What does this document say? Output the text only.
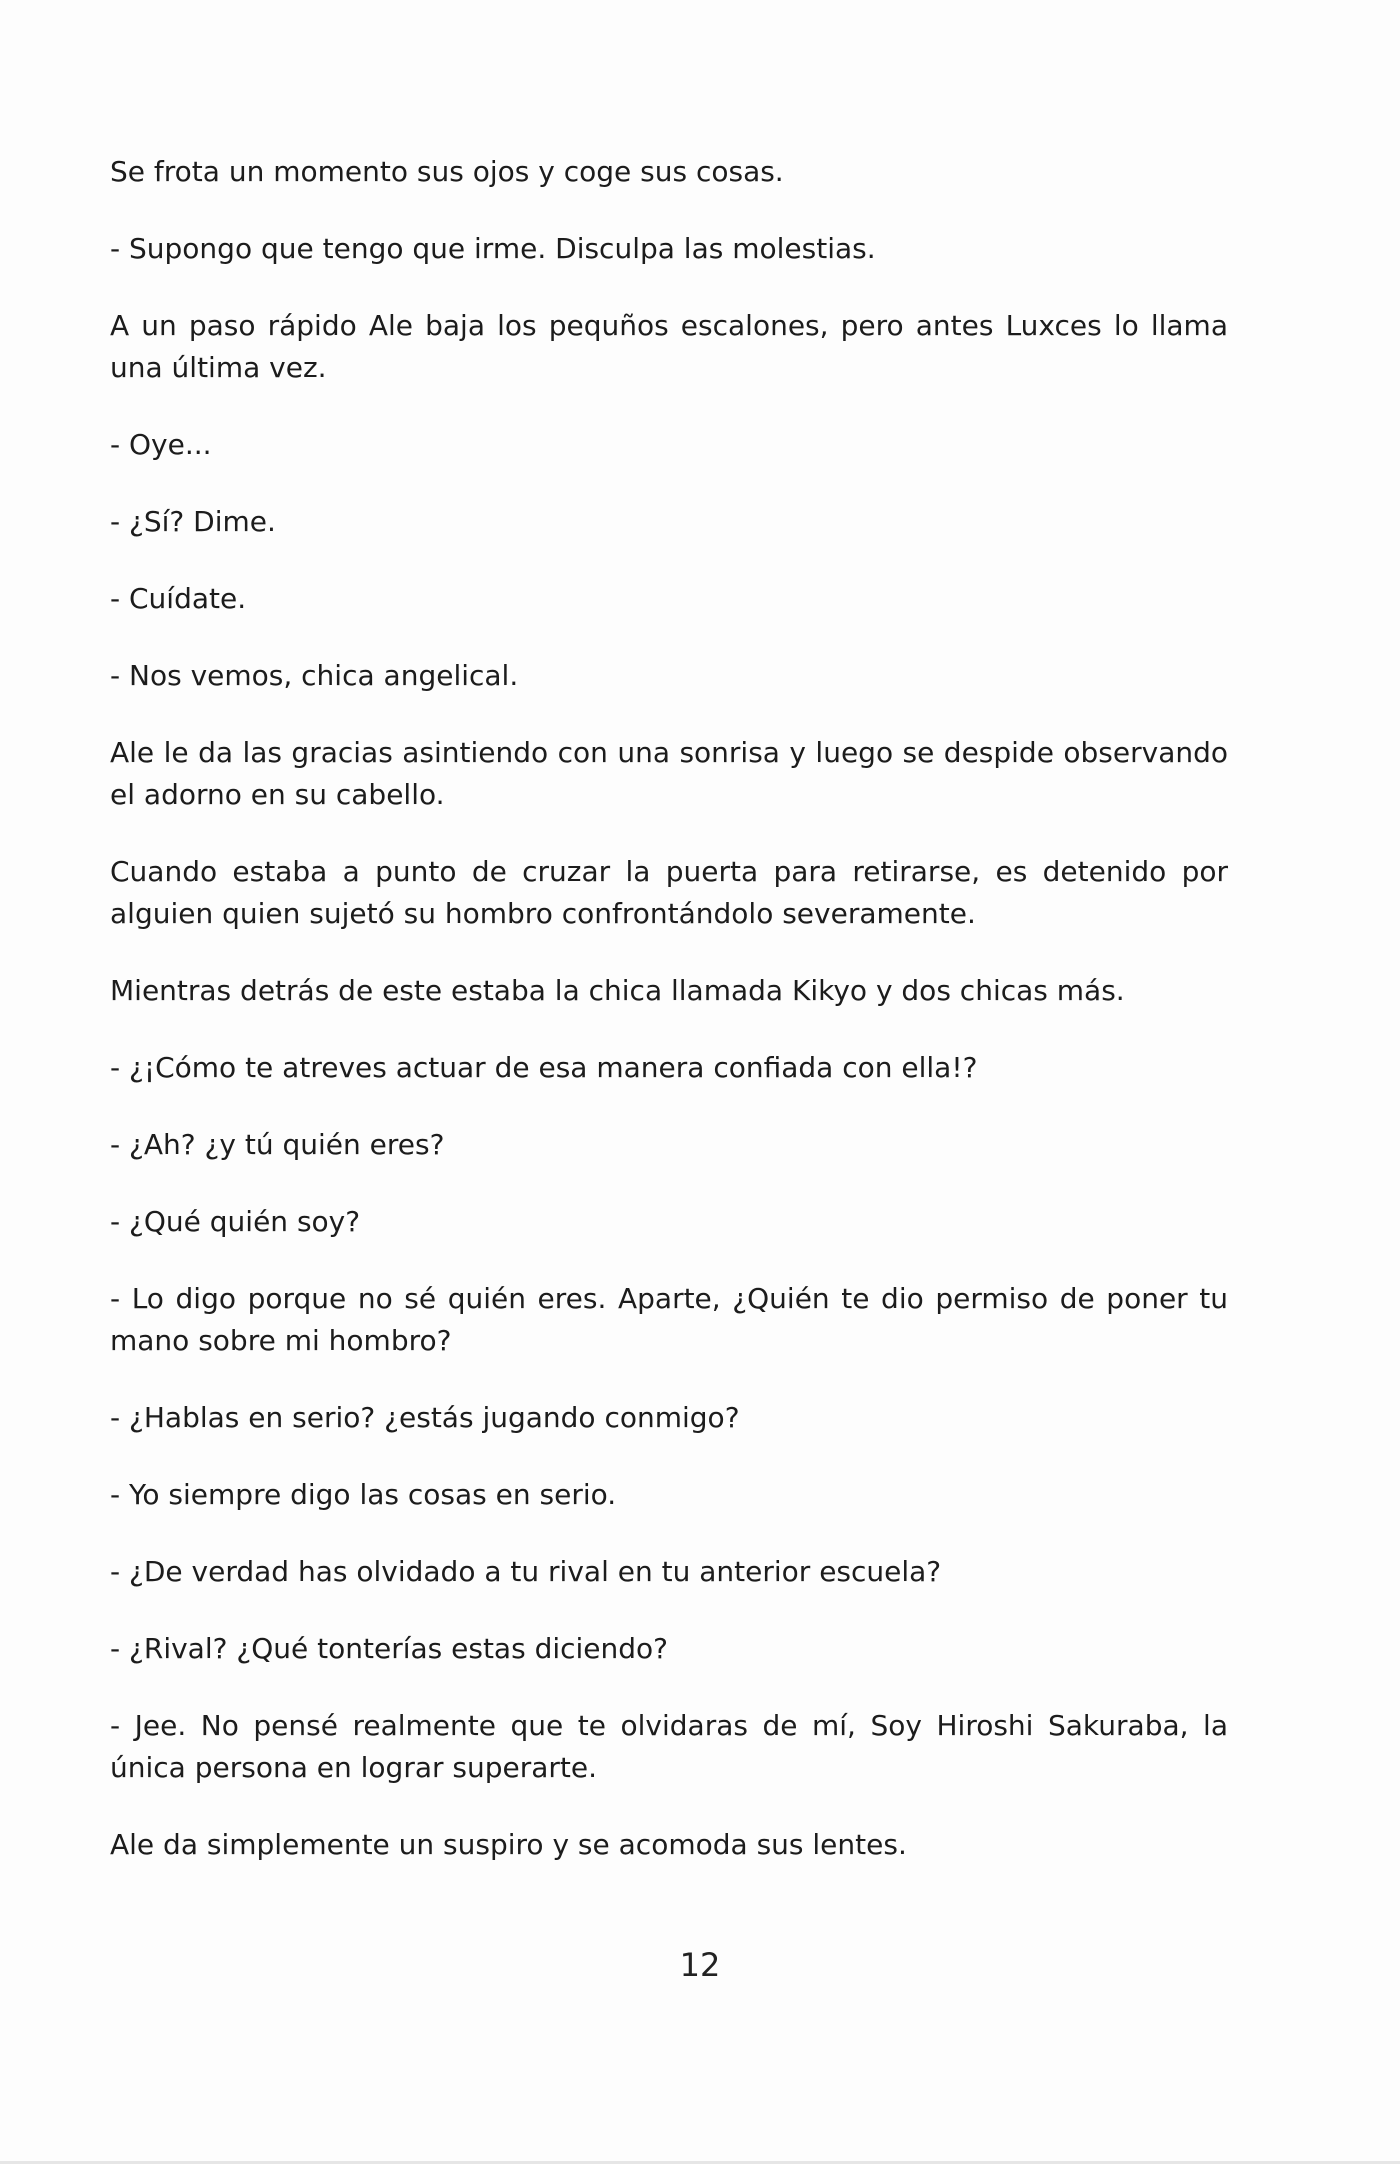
Se frota un momento sus ojos y coge sus cosas.

- Supongo que tengo que irme. Disculpa las molestias.

A un paso rápido Ale baja los pequños escalones, pero antes Luxces lo llama una última vez.

- Oye...

- ¿Sí? Dime.

- Cuídate.

- Nos vemos, chica angelical.

Ale le da las gracias asintiendo con una sonrisa y luego se despide observando el adorno en su cabello.

Cuando estaba a punto de cruzar la puerta para retirarse, es detenido por alguien quien sujetó su hombro confrontándolo severamente.

Mientras detrás de este estaba la chica llamada Kikyo y dos chicas más.

- ¿¡Cómo te atreves actuar de esa manera confiada con ella!?

- ¿Ah? ¿y tú quién eres?

- ¿Qué quién soy?

- Lo digo porque no sé quién eres. Aparte, ¿Quién te dio permiso de poner tu mano sobre mi hombro?

- ¿Hablas en serio? ¿estás jugando conmigo?

- Yo siempre digo las cosas en serio.

- ¿De verdad has olvidado a tu rival en tu anterior escuela?

- ¿Rival? ¿Qué tonterías estas diciendo?

- Jee. No pensé realmente que te olvidaras de mí, Soy Hiroshi Sakuraba, la única persona en lograr superarte.

Ale da simplemente un suspiro y se acomoda sus lentes.

12
